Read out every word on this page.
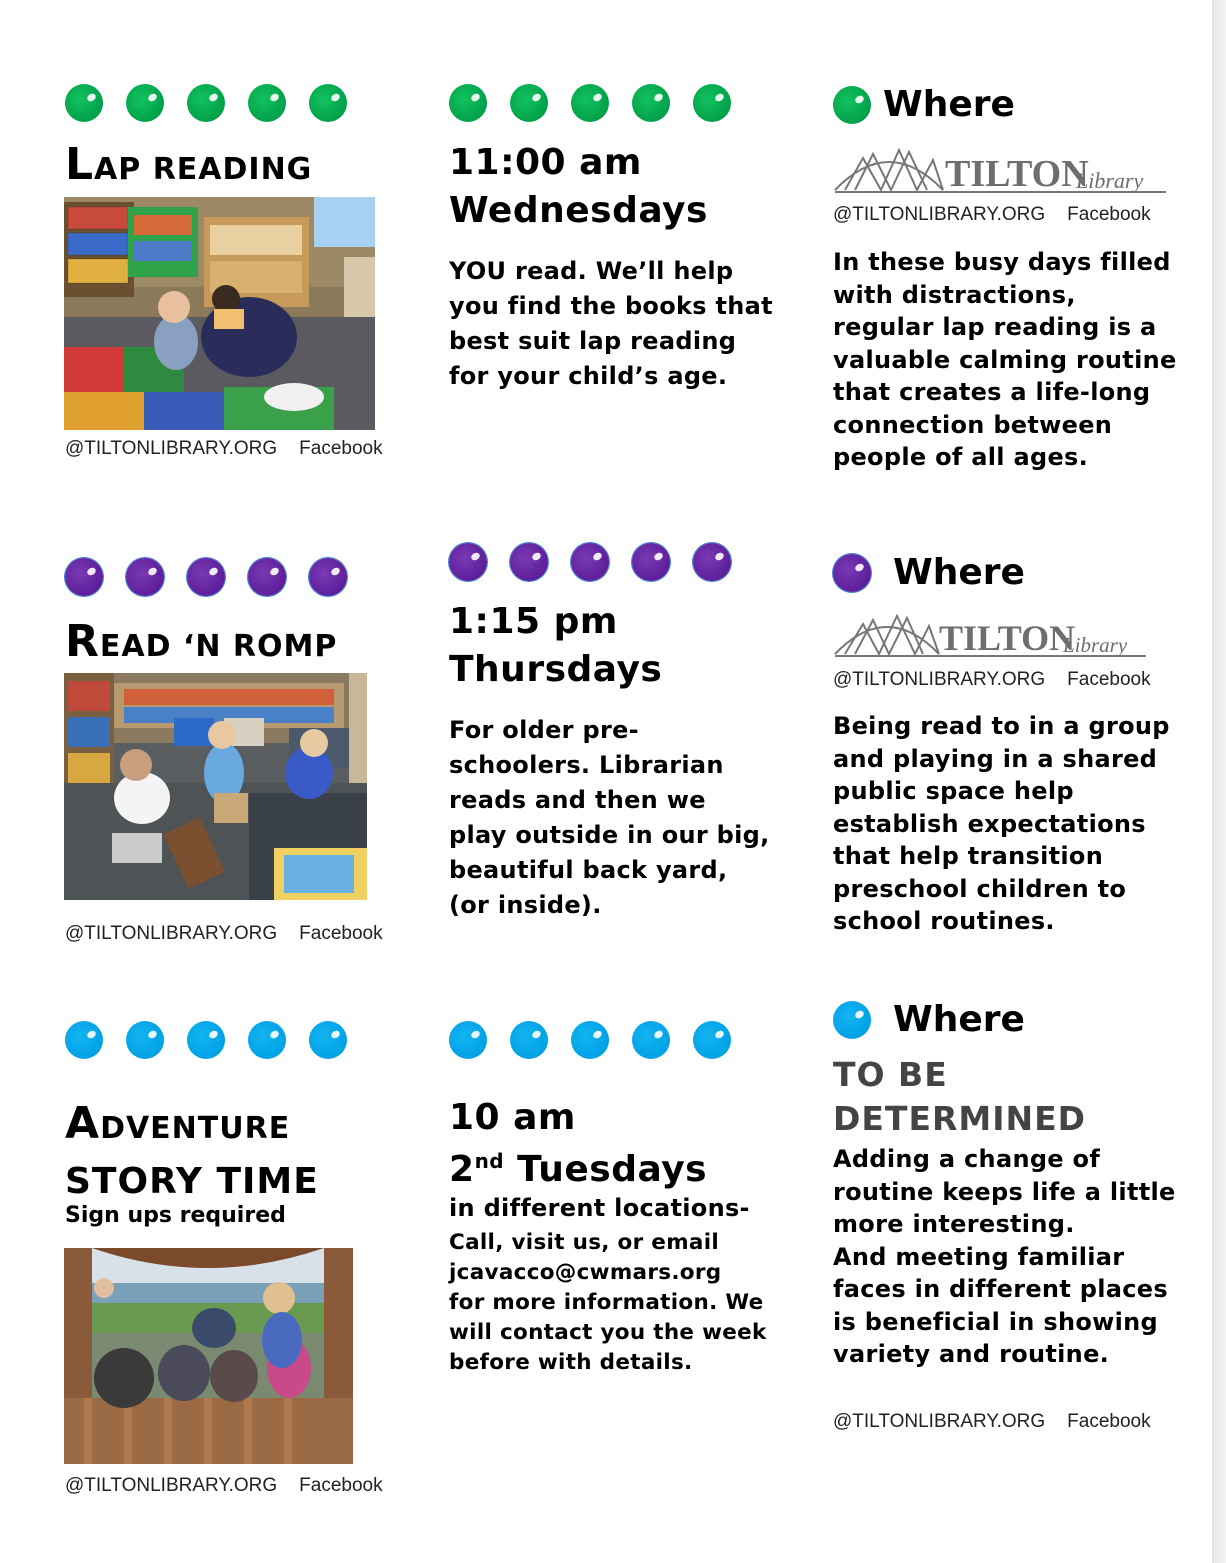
LAP READING
@TILTONLIBRARY.ORG Facebook
11:00 am
Wednesdays
YOU read. We’ll help
you find the books that
best suit lap reading
for your child’s age.
Where
TILTON
Library
@TILTONLIBRARY.ORG Facebook
In these busy days filled
with distractions,
regular lap reading is a
valuable calming routine
that creates a life-long
connection between
people of all ages.
READ ‘N ROMP
@TILTONLIBRARY.ORG Facebook
1:15 pm
Thursdays
For older pre-
schoolers. Librarian
reads and then we
play outside in our big,
beautiful back yard,
(or inside).
Where
TILTON
Library
@TILTONLIBRARY.ORG Facebook
Being read to in a group
and playing in a shared
public space help
establish expectations
that help transition
preschool children to
school routines.
ADVENTURE
STORY TIME
Sign ups required
@TILTONLIBRARY.ORG Facebook
10 am
2nd Tuesdays
in different locations-
Call, visit us, or email
jcavacco@cwmars.org
for more information. We
will contact you the week
before with details.
Where
TO BE
DETERMINED
Adding a change of
routine keeps life a little
more interesting.
And meeting familiar
faces in different places
is beneficial in showing
variety and routine.
@TILTONLIBRARY.ORG Facebook
